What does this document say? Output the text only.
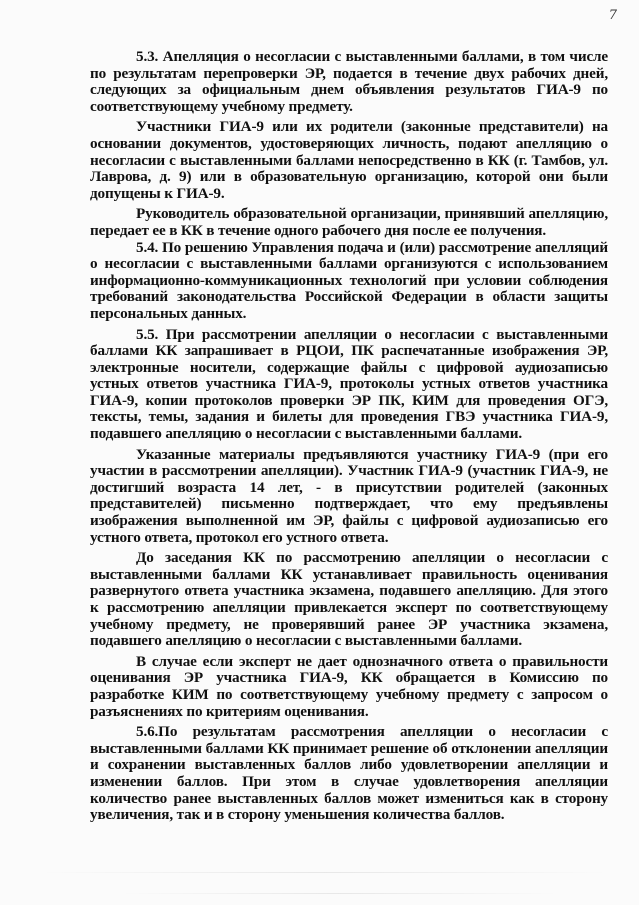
7

5.3. Апелляция о несогласии с выставленными баллами, в том числе по результатам перепроверки ЭР, подается в течение двух рабочих дней, следующих за официальным днем объявления результатов ГИА-9 по соответствующему учебному предмету.

Участники ГИА-9 или их родители (законные представители) на основании документов, удостоверяющих личность, подают апелляцию о несогласии с выставленными баллами непосредственно в КК (г. Тамбов, ул. Лаврова, д. 9) или в образовательную организацию, которой они были допущены к ГИА-9.

Руководитель образовательной организации, принявший апелляцию, передает ее в КК в течение одного рабочего дня после ее получения.

5.4. По решению Управления подача и (или) рассмотрение апелляций о несогласии с выставленными баллами организуются с использованием информационно-коммуникационных технологий при условии соблюдения требований законодательства Российской Федерации в области защиты персональных данных.

5.5. При рассмотрении апелляции о несогласии с выставленными баллами КК запрашивает в РЦОИ, ПК распечатанные изображения ЭР, электронные носители, содержащие файлы с цифровой аудиозаписью устных ответов участника ГИА-9, протоколы устных ответов участника ГИА-9, копии протоколов проверки ЭР ПК, КИМ для проведения ОГЭ, тексты, темы, задания и билеты для проведения ГВЭ участника ГИА-9, подавшего апелляцию о несогласии с выставленными баллами.

Указанные материалы предъявляются участнику ГИА-9 (при его участии в рассмотрении апелляции). Участник ГИА-9 (участник ГИА-9, не достигший возраста 14 лет, - в присутствии родителей (законных представителей) письменно подтверждает, что ему предъявлены изображения выполненной им ЭР, файлы с цифровой аудиозаписью его устного ответа, протокол его устного ответа.

До заседания КК по рассмотрению апелляции о несогласии с выставленными баллами КК устанавливает правильность оценивания развернутого ответа участника экзамена, подавшего апелляцию. Для этого к рассмотрению апелляции привлекается эксперт по соответствующему учебному предмету, не проверявший ранее ЭР участника экзамена, подавшего апелляцию о несогласии с выставленными баллами.

В случае если эксперт не дает однозначного ответа о правильности оценивания ЭР участника ГИА-9, КК обращается в Комиссию по разработке КИМ по соответствующему учебному предмету с запросом о разъяснениях по критериям оценивания.

5.6.По результатам рассмотрения апелляции о несогласии с выставленными баллами КК принимает решение об отклонении апелляции и сохранении выставленных баллов либо удовлетворении апелляции и изменении баллов. При этом в случае удовлетворения апелляции количество ранее выставленных баллов может измениться как в сторону увеличения, так и в сторону уменьшения количества баллов.
